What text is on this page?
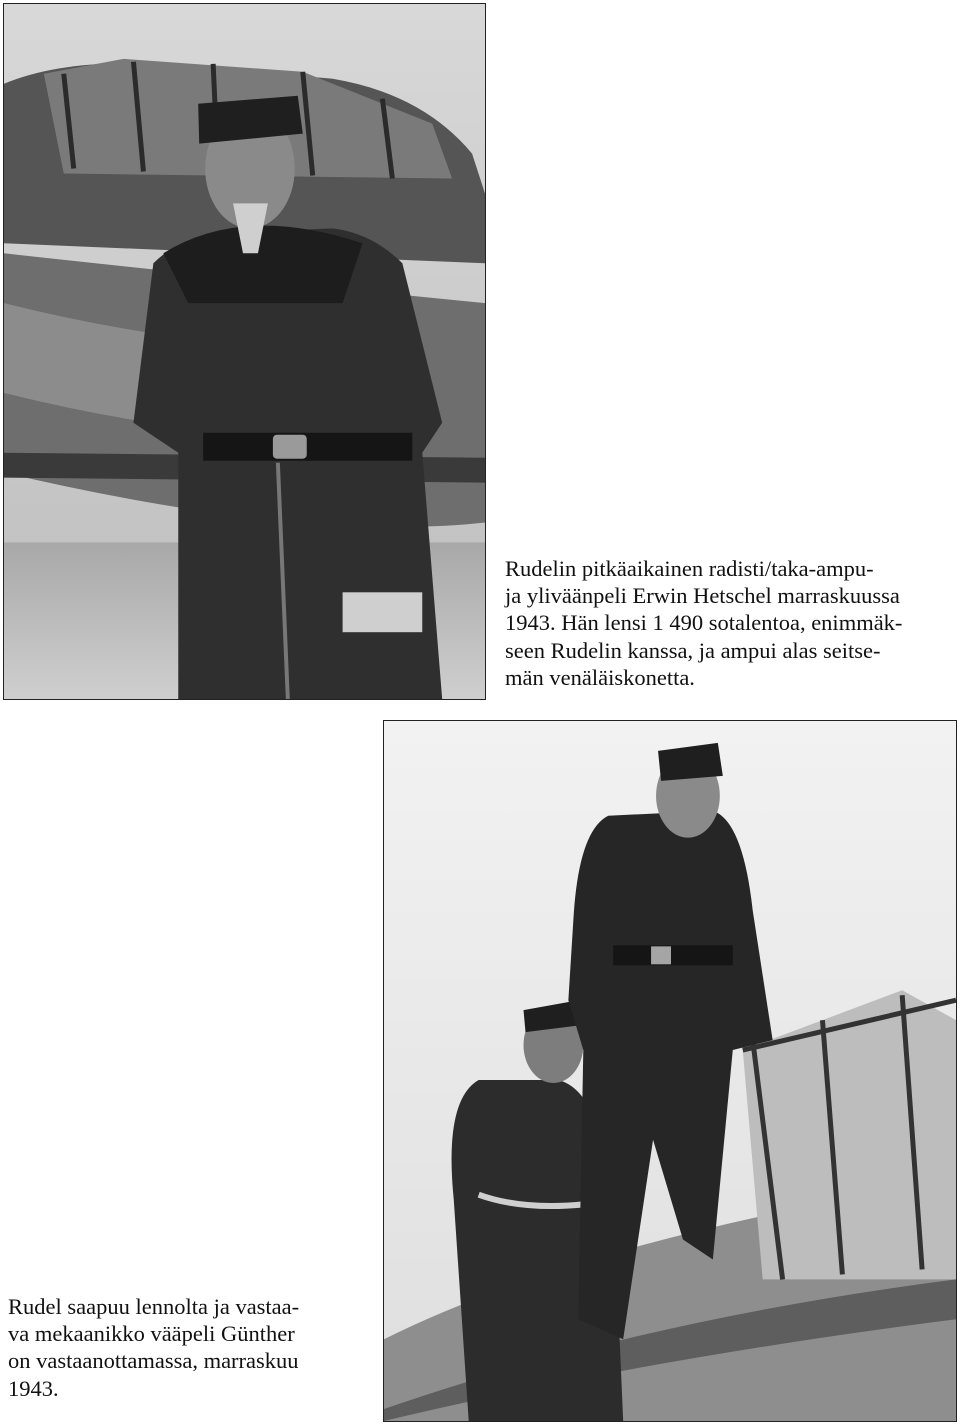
Rudelin pitkäaikainen radisti/taka-ampu-
ja yliväänpeli Erwin Hetschel marraskuussa
1943. Hän lensi 1 490 sotalentoa, enimmäk-
seen Rudelin kanssa, ja ampui alas seitse-
män venäläiskonetta.
Rudel saapuu lennolta ja vastaa-
va mekaanikko vääpeli Günther
on vastaanottamassa, marraskuu
1943.
